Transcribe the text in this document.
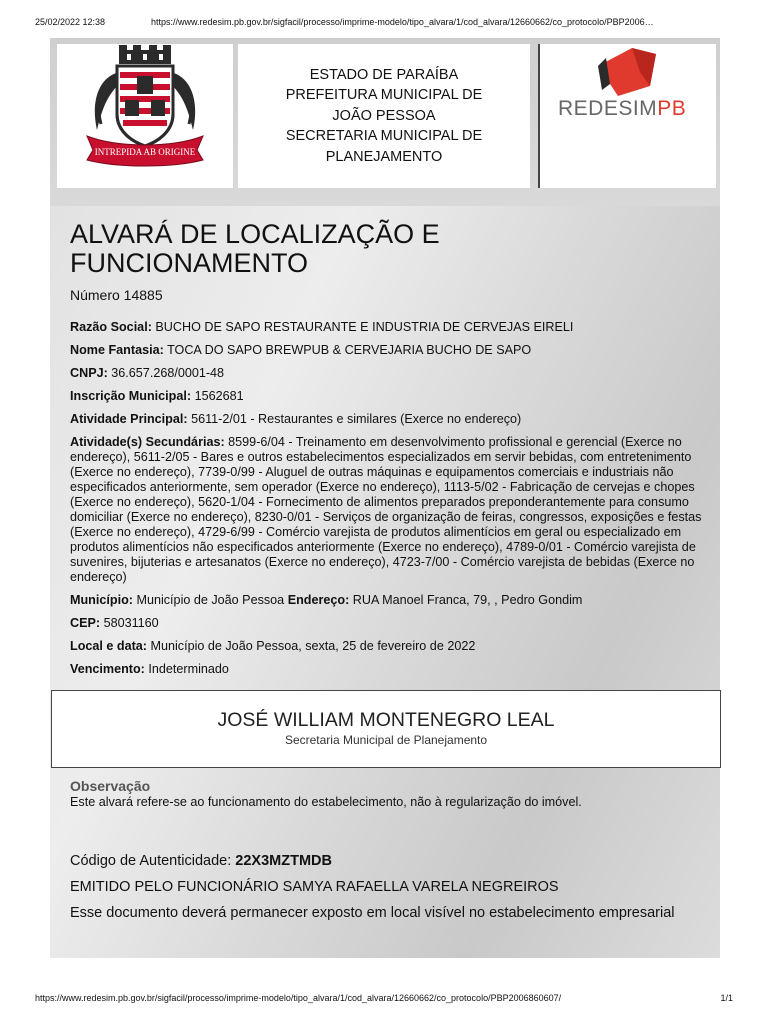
25/02/2022 12:38	https://www.redesim.pb.gov.br/sigfacil/processo/imprime-modelo/tipo_alvara/1/cod_alvara/12660662/co_protocolo/PBP2006…
INTREPIDA AB ORIGINE
ESTADO DE PARAÍBA
PREFEITURA MUNICIPAL DE
JOÃO PESSOA
SECRETARIA MUNICIPAL DE
PLANEJAMENTO
REDESIMPB
ALVARÁ DE LOCALIZAÇÃO E FUNCIONAMENTO
Número 14885
Razão Social: BUCHO DE SAPO RESTAURANTE E INDUSTRIA DE CERVEJAS EIRELI
Nome Fantasia: TOCA DO SAPO BREWPUB & CERVEJARIA BUCHO DE SAPO
CNPJ: 36.657.268/0001-48
Inscrição Municipal: 1562681
Atividade Principal: 5611-2/01 - Restaurantes e similares (Exerce no endereço)
Atividade(s) Secundárias: 8599-6/04 - Treinamento em desenvolvimento profissional e gerencial (Exerce no endereço), 5611-2/05 - Bares e outros estabelecimentos especializados em servir bebidas, com entretenimento (Exerce no endereço), 7739-0/99 - Aluguel de outras máquinas e equipamentos comerciais e industriais não especificados anteriormente, sem operador (Exerce no endereço), 1113-5/02 - Fabricação de cervejas e chopes (Exerce no endereço), 5620-1/04 - Fornecimento de alimentos preparados preponderantemente para consumo domiciliar (Exerce no endereço), 8230-0/01 - Serviços de organização de feiras, congressos, exposições e festas (Exerce no endereço), 4729-6/99 - Comércio varejista de produtos alimentícios em geral ou especializado em produtos alimentícios não especificados anteriormente (Exerce no endereço), 4789-0/01 - Comércio varejista de suvenires, bijuterias e artesanatos (Exerce no endereço), 4723-7/00 - Comércio varejista de bebidas (Exerce no endereço)
Município: Município de João Pessoa Endereço: RUA Manoel Franca, 79, , Pedro Gondim
CEP: 58031160
Local e data: Município de João Pessoa, sexta, 25 de fevereiro de 2022
Vencimento: Indeterminado
JOSÉ WILLIAM MONTENEGRO LEAL
Secretaria Municipal de Planejamento
Observação
Este alvará refere-se ao funcionamento do estabelecimento, não à regularização do imóvel.
Código de Autenticidade: 22X3MZTMDB
EMITIDO PELO FUNCIONÁRIO SAMYA RAFAELLA VARELA NEGREIROS
Esse documento deverá permanecer exposto em local visível no estabelecimento empresarial
https://www.redesim.pb.gov.br/sigfacil/processo/imprime-modelo/tipo_alvara/1/cod_alvara/12660662/co_protocolo/PBP2006860607/	1/1
